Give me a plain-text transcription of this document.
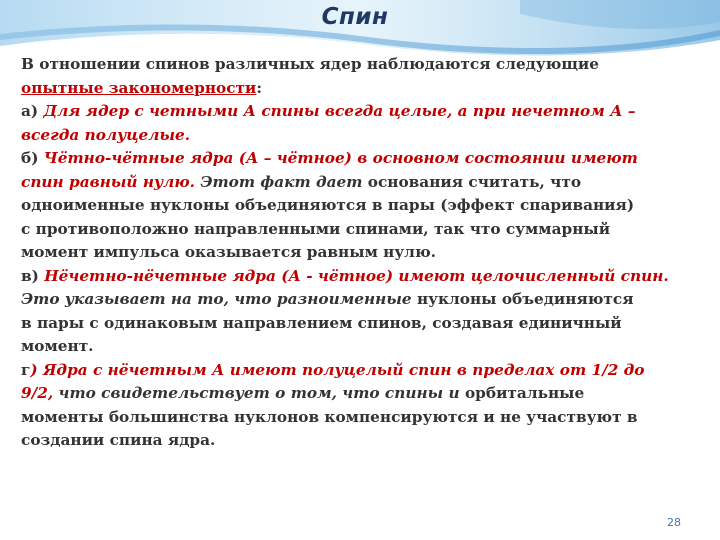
Спин
В отношении спинов различных ядер наблюдаются следующие
опытные закономерности:
а) Для ядер с четными А спины всегда целые, а при нечетном А –
всегда полуцелые.
б) Чётно-чётные ядра (А – чётное) в основном состоянии имеют
спин равный нулю. Этот факт дает основания считать, что
одноименные нуклоны объединяются в пары (эффект спаривания)
с противоположно направленными спинами, так что суммарный
момент импульса оказывается равным нулю.
в) Нёчетно-нёчетные ядра (А - чётное) имеют целочисленный спин.
Это указывает на то, что разноименные нуклоны объединяются
в пары с одинаковым направлением спинов, создавая единичный
момент.
г) Ядра с нёчетным А имеют полуцелый спин в пределах от 1/2 до
9/2, что свидетельствует о том, что спины и орбитальные
моменты большинства нуклонов компенсируются и не участвуют в
создании спина ядра.
28
